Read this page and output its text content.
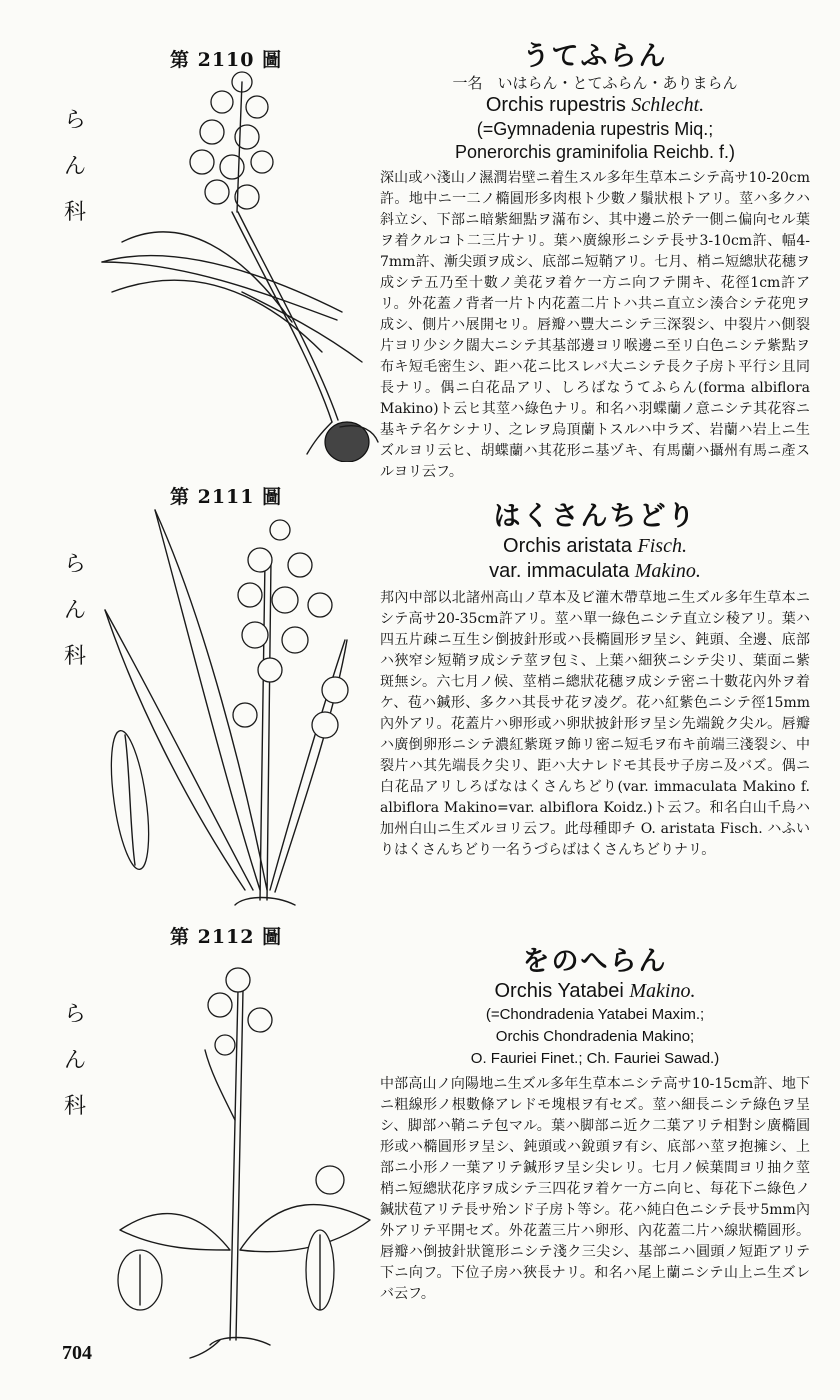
第 2110 圖
ら
ん
科

うてふらん

一名　いはらん・とてふらん・ありまらん

Orchis rupestris Schlecht.

(=Gymnadenia rupestris Miq.;

Ponerorchis graminifolia Reichb. f.)

深山或ハ淺山ノ濕潤岩壁ニ着生スル多年生草本ニシテ高サ10-20cm許。地中ニ一二ノ橢圓形多肉根ト少數ノ鬚狀根トアリ。莖ハ多クハ斜立シ、下部ニ暗紫細點ヲ滿布シ、其中邊ニ於テ一側ニ偏向セル葉ヲ着クルコト二三片ナリ。葉ハ廣線形ニシテ長サ3-10cm許、幅4-7mm許、漸尖頭ヲ成シ、底部ニ短鞘アリ。七月、梢ニ短總狀花穗ヲ成シテ五乃至十數ノ美花ヲ着ケ一方ニ向フテ開キ、花徑1cm許アリ。外花蓋ノ背者一片ト内花蓋二片トハ共ニ直立シ湊合シテ花兜ヲ成シ、側片ハ展開セリ。唇瓣ハ豐大ニシテ三深裂シ、中裂片ハ側裂片ヨリ少シク闊大ニシテ其基部邊ヨリ喉邊ニ至リ白色ニシテ紫點ヲ布キ短毛密生シ、距ハ花ニ比スレバ大ニシテ長ク子房ト平行シ且同長ナリ。偶ニ白花品アリ、しろばなうてふらん(forma albiflora Makino)ト云ヒ其莖ハ綠色ナリ。和名ハ羽蝶蘭ノ意ニシテ其花容ニ基キテ名ケシナリ、之レヲ烏頂蘭トスルハ中ラズ、岩蘭ハ岩上ニ生ズルヨリ云ヒ、胡蝶蘭ハ其花形ニ基ヅキ、有馬蘭ハ攝州有馬ニ產スルヨリ云フ。

第 2111 圖
ら
ん
科

はくさんちどり

Orchis aristata Fisch.

var. immaculata Makino.

邦內中部以北諸州高山ノ草本及ビ灌木帶草地ニ生ズル多年生草本ニシテ高サ20-35cm許アリ。莖ハ單一綠色ニシテ直立シ稜アリ。葉ハ四五片疎ニ互生シ倒披針形或ハ長橢圓形ヲ呈シ、鈍頭、全邊、底部ハ狹窄シ短鞘ヲ成シテ莖ヲ包ミ、上葉ハ細狹ニシテ尖リ、葉面ニ紫斑無シ。六七月ノ候、莖梢ニ總狀花穗ヲ成シテ密ニ十數花內外ヲ着ケ、苞ハ鍼形、多クハ其長サ花ヲ凌グ。花ハ紅紫色ニシテ徑15mm內外アリ。花蓋片ハ卵形或ハ卵狀披針形ヲ呈シ先端銳ク尖ル。唇瓣ハ廣倒卵形ニシテ濃紅紫斑ヲ飾リ密ニ短毛ヲ布キ前端三淺裂シ、中裂片ハ其先端長ク尖リ、距ハ大ナレドモ其長サ子房ニ及バズ。偶ニ白花品アリしろばなはくさんちどり(var. immaculata Makino f. albiflora Makino=var. albiflora Koidz.)ト云フ。和名白山千鳥ハ加州白山ニ生ズルヨリ云フ。此母種即チ O. aristata Fisch. ハふいりはくさんちどり一名うづらばはくさんちどりナリ。

第 2112 圖
ら
ん
科

をのへらん

Orchis Yatabei Makino.

(=Chondradenia Yatabei Maxim.;

Orchis Chondradenia Makino;

O. Fauriei Finet.; Ch. Fauriei Sawad.)

中部高山ノ向陽地ニ生ズル多年生草本ニシテ高サ10-15cm許、地下ニ粗線形ノ根數條アレドモ塊根ヲ有セズ。莖ハ細長ニシテ綠色ヲ呈シ、脚部ハ鞘ニテ包マル。葉ハ脚部ニ近ク二葉アリテ相對シ廣橢圓形或ハ橢圓形ヲ呈シ、鈍頭或ハ銳頭ヲ有シ、底部ハ莖ヲ抱擁シ、上部ニ小形ノ一葉アリテ鍼形ヲ呈シ尖レリ。七月ノ候葉間ヨリ抽ク莖梢ニ短總狀花序ヲ成シテ三四花ヲ着ケ一方ニ向ヒ、每花下ニ綠色ノ鍼狀苞アリテ長サ殆ンド子房ト等シ。花ハ純白色ニシテ長サ5mm內外アリテ平開セズ。外花蓋三片ハ卵形、內花蓋二片ハ線狀橢圓形。唇瓣ハ倒披針狀篦形ニシテ淺ク三尖シ、基部ニハ圓頭ノ短距アリテ下ニ向フ。下位子房ハ狹長ナリ。和名ハ尾上蘭ニシテ山上ニ生ズレバ云フ。

704
